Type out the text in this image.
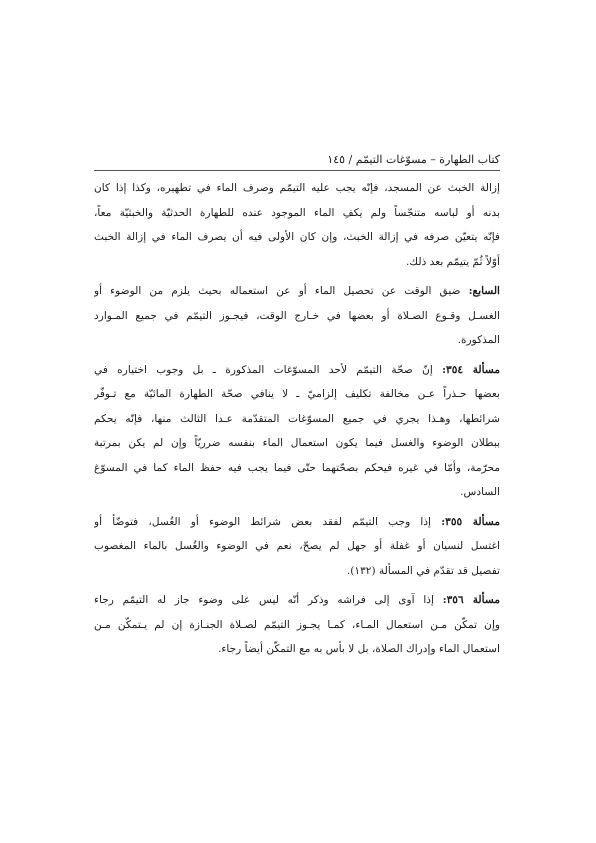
كتاب الطهارة – مسوّغات التيمّم / ١٤٥
إزالة الخبث عن المسجد، فإنّه يجب عليه التيمّم وصرف الماء في تطهيره، وكذا إذا كان
بدنه أو لباسه متنجّساً ولم يكفِ الماء الموجود عنده للطهارة الحدثيّة والخبثيّة معاً،
فإنّه يتعيّن صرفه في إزالة الخبث، وإن كان الأولى فيه أن يصرف الماء في إزالة الخبث
أوّلاً ثُمّ يتيمّم بعد ذلك.
السابع: ضيق الوقت عن تحصيل الماء أو عن استعماله بحيث يلزم من الوضوء أو
الغسـل وقـوع الصـلاة أو بعضها في خـارج الوقت، فيجـوز التيمّم في جميع المـوارد
المذكورة.
مسألة ٣٥٤: إنّ صحّة التيمّم لأحد المسوّغات المذكورة ـ بل وجوب اختياره في
بعضها حـذراً عـن مخالفة تكليف إلزاميّ ـ لا ينافي صحّة الطهارة المائيّة مع تـوفّر
شرائطها، وهـذا يجري في جميع المسوّغات المتقدّمة عـدا الثالث منها، فإنّه يحكم
ببطلان الوضوء والغسل فيما يكون استعمال الماء بنفسه ضرريّاً وإن لم يكن بمرتبة
محرّمة، وأمّا في غيره فيحكم بصحّتهما حتّى فيما يجب فيه حفظ الماء كما في المسوّغ
السادس.
مسألة ٣٥٥: إذا وجب التيمّم لفقد بعض شرائط الوضوء أو الغُسل، فتوضّأ أو
اغتسل لنسيان أو غفلة أو جهل لم يصحّ، نعم في الوضوء والغُسل بالماء المغصوب
تفصيل قد تقدّم في المسألة (١٣٢).
مسألة ٣٥٦: إذا آوى إلى فراشه وذكر أنّه ليس على وضوء جاز له التيمّم رجاء
وإن تمكّن مـن استعمال المـاء، كمـا يجـوز التيمّم لصـلاة الجنـازة إن لم يـتمكّن مـن
استعمال الماء وإدراك الصلاة، بل لا بأس به مع التمكّن أيضاً رجاء.
